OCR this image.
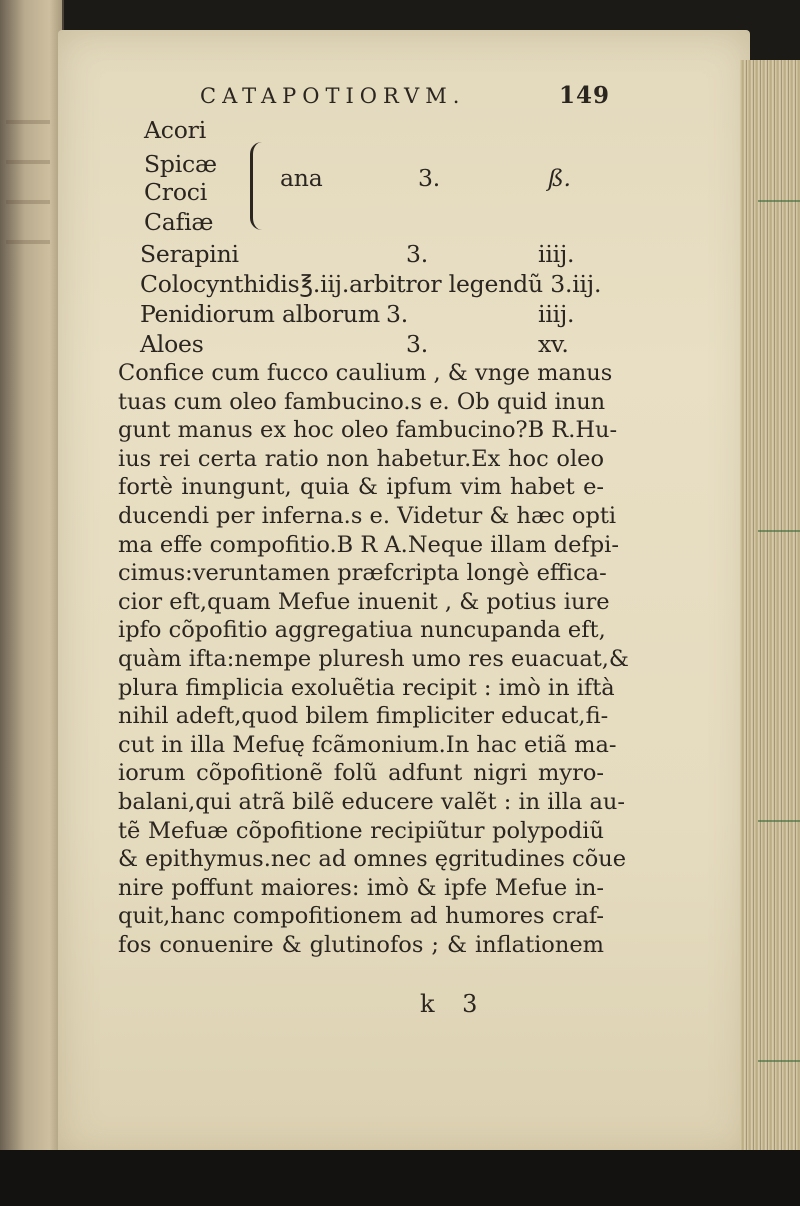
CATAPOTIORVM.	149
Acori
Spicæ
Croci
Cafiæ
ana	3.	ß.
Serapini	3.	iiij.
Colocynthidis℥.iij.arbitror legendũ 3.iij.
Penidiorum alborum 3.	iiij.
Aloes	3.	xv.
Confice cum fucco caulium , & vnge manus
tuas cum oleo fambucino.s e. Ob quid inun
gunt manus ex hoc oleo fambucino?B R.Hu-
ius rei certa ratio non habetur.Ex hoc oleo
fortè inungunt, quia & ipfum vim habet e-
ducendi per inferna.s e. Videtur & hæc opti
ma effe compofitio.B R A.Neque illam defpi-
cimus:veruntamen præfcripta longè effica-
cior eft,quam Mefue inuenit , & potius iure
ipfo cõpofitio aggregatiua nuncupanda eft,
quàm ifta:nempe pluresh umo res euacuat,&
plura fimplicia exoluẽtia recipit : imò in iftà
nihil adeft,quod bilem fimpliciter educat,fi-
cut in illa Mefuę fcãmonium.In hac etiã ma-
iorum cõpofitionẽ folũ adfunt nigri myro-
balani,qui atrã bilẽ educere valẽt : in illa au-
tẽ Mefuæ cõpofitione recipiũtur polypodiũ
& epithymus.nec ad omnes ęgritudines cõue
nire poffunt maiores: imò & ipfe Mefue in-
quit,hanc compofitionem ad humores craf-
fos conuenire & glutinofos ; & inflationem
k 3
